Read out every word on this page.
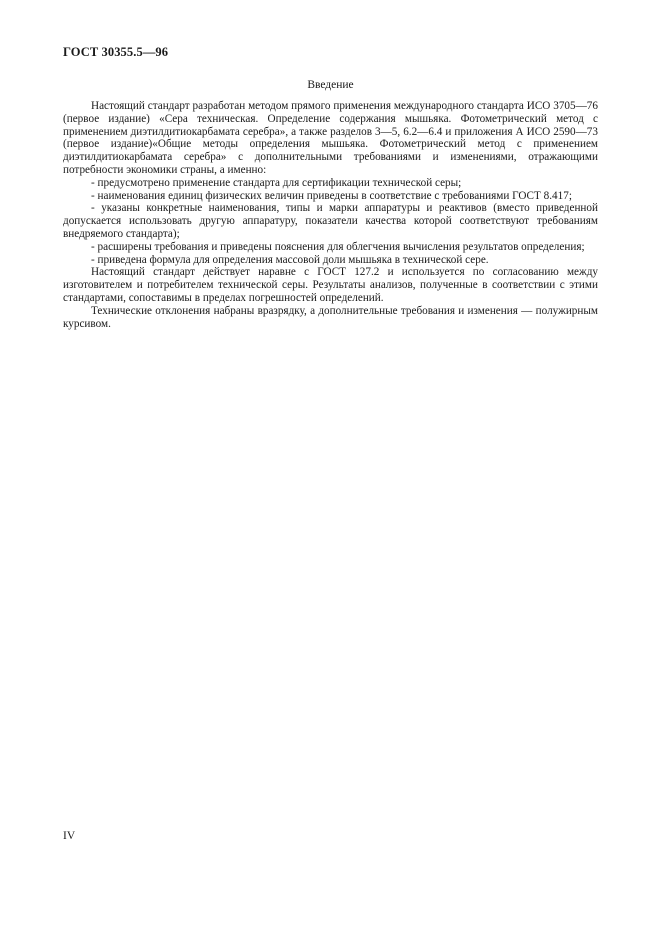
ГОСТ 30355.5—96
Введение

Настоящий стандарт разработан методом прямого применения международного стандарта ИСО 3705—76 (первое издание) «Сера техническая. Определение содержания мышьяка. Фотометрический метод с применением диэтилдитиокарбамата серебра», а также разделов 3—5, 6.2—6.4 и приложения А ИСО 2590—73 (первое издание)«Общие методы определения мышьяка. Фотометрический метод с применением диэтилдитиокарбамата серебра» с дополнительными требованиями и изменениями, отражающими потребности экономики страны, а именно:

- предусмотрено применение стандарта для сертификации технической серы;

- наименования единиц физических величин приведены в соответствие с требованиями ГОСТ 8.417;

- указаны конкретные наименования, типы и марки аппаратуры и реактивов (вместо приведенной допускается использовать другую аппаратуру, показатели качества которой соответствуют требованиям внедряемого стандарта);

- расширены требования и приведены пояснения для облегчения вычисления результатов определения;

- приведена формула для определения массовой доли мышьяка в технической сере.

Настоящий стандарт действует наравне с ГОСТ 127.2 и используется по согласованию между изготовителем и потребителем технической серы. Результаты анализов, полученные в соответствии с этими стандартами, сопоставимы в пределах погрешностей определений.

Технические отклонения набраны вразрядку, а дополнительные требования и изменения — полужирным курсивом.

IV
